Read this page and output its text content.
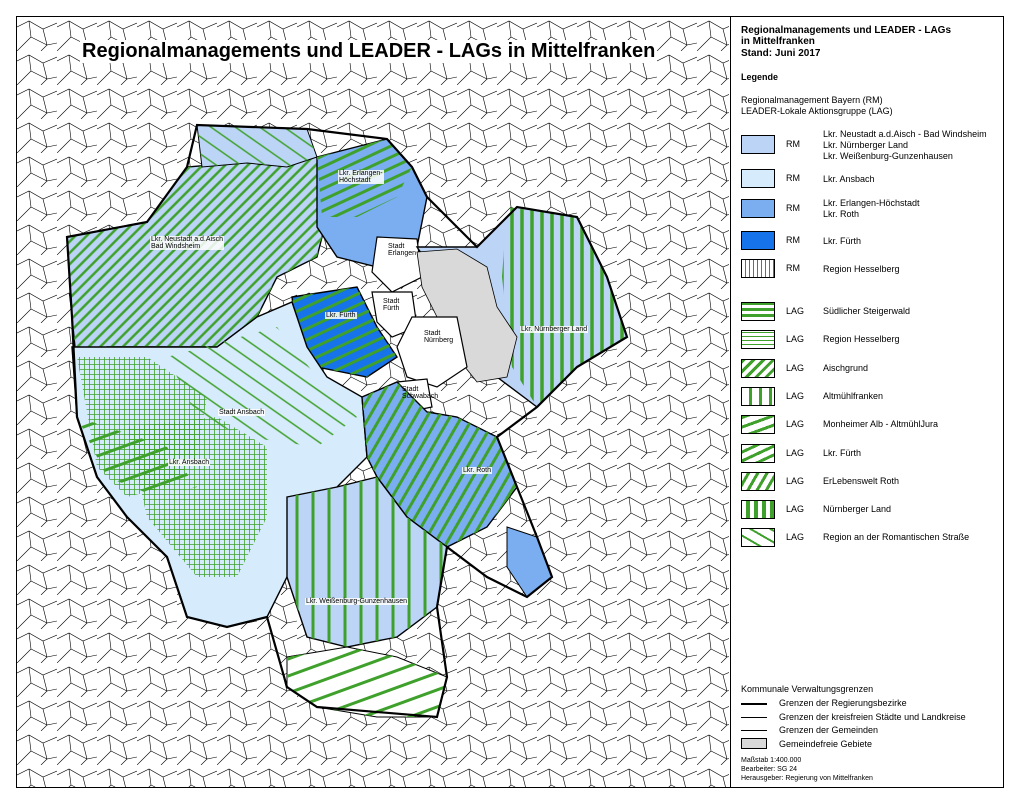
Regionalmanagements und LEADER - LAGs in Mittelfranken
Lkr. Erlangen-
Höchstadt
Lkr. Neustadt a.d.Aisch
Bad Windsheim	Stadt
Erlangen
Stadt
Fürth
Lkr. Fürth
Stadt
Nürnberg
Lkr. Nürnberger Land
Stadt
Schwabach
Stadt Ansbach
Lkr. Ansbach
Lkr. Roth
Lkr. Weißenburg-Gunzenhausen
Regionalmanagements und LEADER - LAGs
in Mittelfranken
Stand: Juni 2017
Legende
Regionalmanagement Bayern (RM)
LEADER-Lokale Aktionsgruppe (LAG)
RM
Lkr. Neustadt a.d.Aisch - Bad Windsheim
Lkr. Nürnberger Land
Lkr. Weißenburg-Gunzenhausen
RM	Lkr. Ansbach
RM	Lkr. Erlangen-Höchstadt
Lkr. Roth
RM	Lkr. Fürth
RM	Region Hesselberg
LAG Südlicher Steigerwald
LAG Region Hesselberg
LAG Aischgrund
LAG Altmühlfranken
LAG Monheimer Alb - AltmühlJura
LAG Lkr. Fürth
LAG ErLebenswelt Roth
LAG Nürnberger Land
LAG Region an der Romantischen Straße
Kommunale Verwaltungsgrenzen
Grenzen der Regierungsbezirke
Grenzen der kreisfreien Städte und Landkreise
Grenzen der Gemeinden
Gemeindefreie Gebiete
Maßstab 1:400.000
Bearbeiter: SG 24
Herausgeber: Regierung von Mittelfranken
